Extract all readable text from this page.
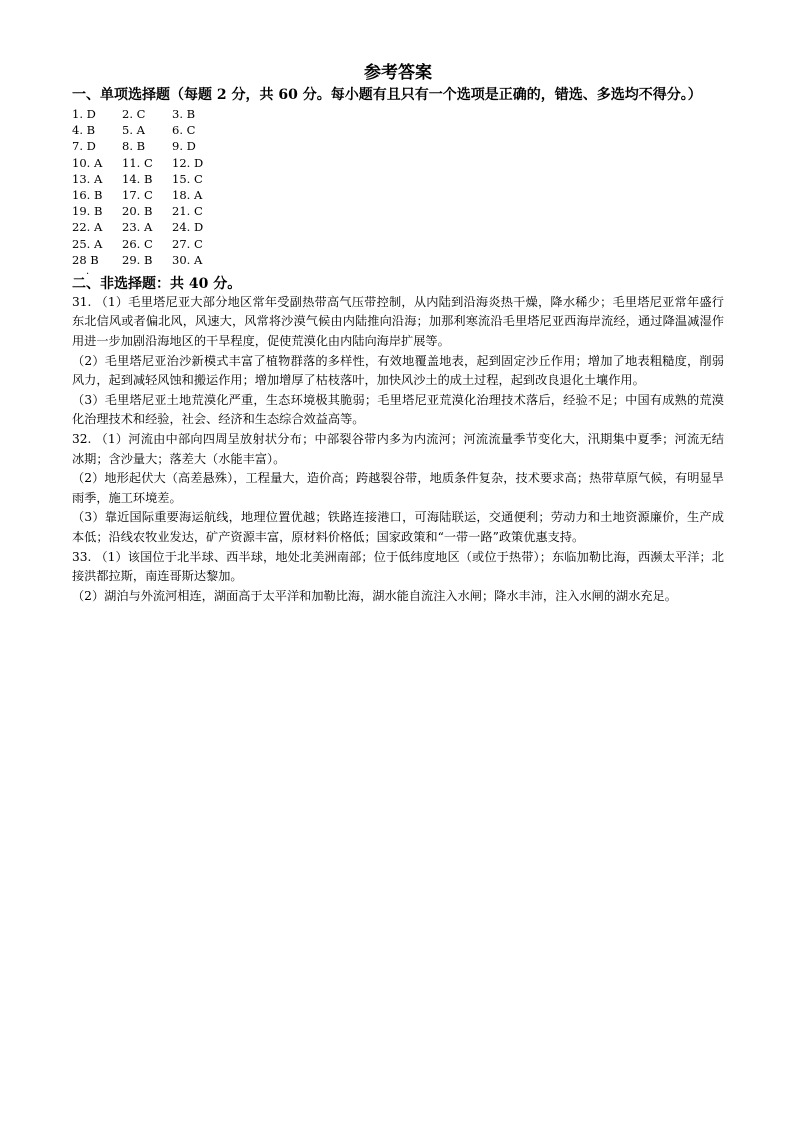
参考答案

一、单项选择题（每题 2 分，共 60 分。每小题有且只有一个选项是正确的，错选、多选均不得分。）

1. D	2. C	3. B
4. B	5. A	6. C
7. D	8. B	9. D
10. A	11. C	12. D
13. A	14. B	15. C
16. B	17. C	18. A
19. B	20. B	21. C
22. A	23. A	24. D
25. A	26. C	27. C
28 B	29. B	30. A
.

二、非选择题：共 40 分。

31. （1）毛里塔尼亚大部分地区常年受副热带高气压带控制，从内陆到沿海炎热干燥，降水稀少；毛里塔尼亚常年盛行东北信风或者偏北风，风速大，风常将沙漠气候由内陆推向沿海；加那利寒流沿毛里塔尼亚西海岸流经，通过降温减湿作用进一步加剧沿海地区的干旱程度，促使荒漠化由内陆向海岸扩展等。

（2）毛里塔尼亚治沙新模式丰富了植物群落的多样性，有效地覆盖地表，起到固定沙丘作用；增加了地表粗糙度，削弱风力，起到减轻风蚀和搬运作用；增加增厚了枯枝落叶，加快风沙土的成土过程，起到改良退化土壤作用。

（3）毛里塔尼亚土地荒漠化严重，生态环境极其脆弱；毛里塔尼亚荒漠化治理技术落后，经验不足；中国有成熟的荒漠化治理技术和经验，社会、经济和生态综合效益高等。

32. （1）河流由中部向四周呈放射状分布；中部裂谷带内多为内流河；河流流量季节变化大，汛期集中夏季；河流无结冰期；含沙量大；落差大（水能丰富）。

（2）地形起伏大（高差悬殊），工程量大，造价高；跨越裂谷带，地质条件复杂，技术要求高；热带草原气候，有明显旱雨季，施工环境差。

（3）靠近国际重要海运航线，地理位置优越；铁路连接港口，可海陆联运，交通便利；劳动力和土地资源廉价，生产成本低；沿线农牧业发达，矿产资源丰富，原材料价格低；国家政策和“一带一路”政策优惠支持。

33. （1）该国位于北半球、西半球，地处北美洲南部；位于低纬度地区（或位于热带）；东临加勒比海，西濒太平洋；北接洪都拉斯，南连哥斯达黎加。

（2）湖泊与外流河相连，湖面高于太平洋和加勒比海，湖水能自流注入水闸；降水丰沛，注入水闸的湖水充足。
